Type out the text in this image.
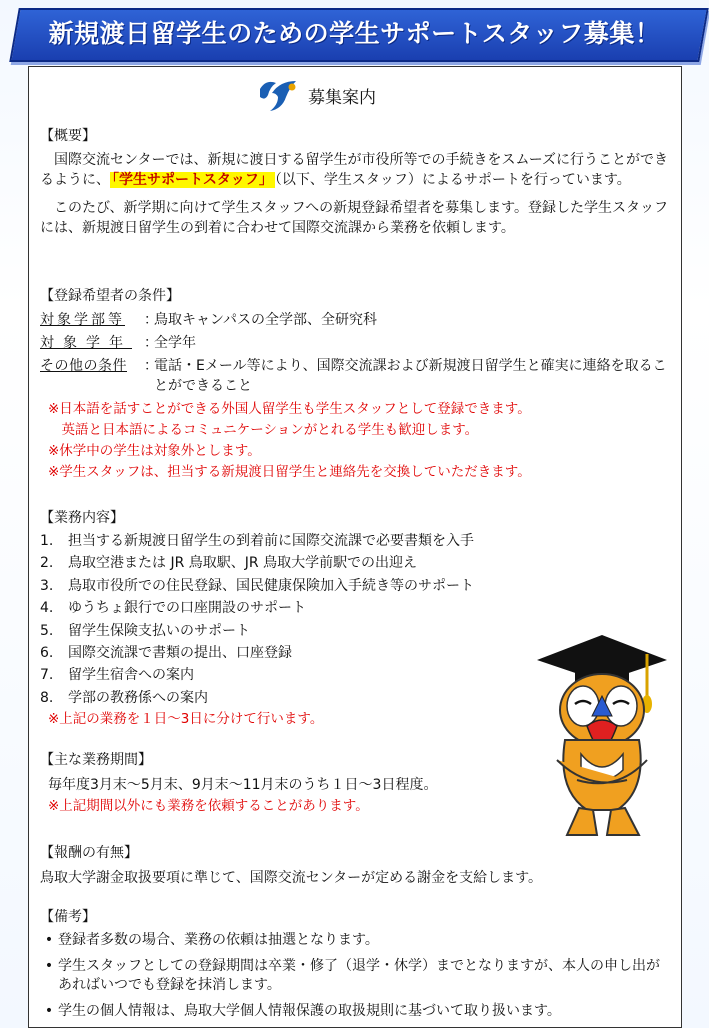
新規渡日留学生のための学生サポートスタッフ募集！
募集案内
【概要】

国際交流センターでは、新規に渡日する留学生が市役所等での手続きをスムーズに行うことができるように、 「学生サポートスタッフ」 （以下、学生スタッフ）によるサポートを行っています。

このたび、新学期に向けて学生スタッフへの新規登録希望者を募集します。登録した学生スタッフには、新規渡日留学生の到着に合わせて国際交流課から業務を依頼します。

【登録希望者の条件】
対象学部等	：
鳥取キャンパスの全学部、全研究科
対象学年 ：
全学年
その他の条件	：
電話・Eメール等により、国際交流課および新規渡日留学生と確実に連絡を取ることができること
※日本語を話すことができる外国人留学生も学生スタッフとして登録できます。
　英語と日本語によるコミュニケーションがとれる学生も歓迎します。
※休学中の学生は対象外とします。
※学生スタッフは、担当する新規渡日留学生と連絡先を交換していただきます。
【業務内容】
1. 担当する新規渡日留学生の到着前に国際交流課で必要書類を入手
2. 鳥取空港または JR 鳥取駅、JR 鳥取大学前駅での出迎え
3. 鳥取市役所での住民登録、国民健康保険加入手続き等のサポート
4. ゆうちょ銀行での口座開設のサポート
5. 留学生保険支払いのサポート
6. 国際交流課で書類の提出、口座登録
7. 留学生宿舎への案内
8. 学部の教務係への案内
※上記の業務を１日～3日に分けて行います。
【主な業務期間】
毎年度3月末～5月末、9月末～11月末のうち１日～3日程度。
※上記期間以外にも業務を依頼することがあります。
【報酬の有無】
鳥取大学謝金取扱要項に準じて、国際交流センターが定める謝金を支給します。
【備考】
• 登録者多数の場合、業務の依頼は抽選となります。
• 学生スタッフとしての登録期間は卒業・修了（退学・休学）までとなりますが、本人の申し出があればいつでも登録を抹消します。
• 学生の個人情報は、鳥取大学個人情報保護の取扱規則に基づいて取り扱います。
